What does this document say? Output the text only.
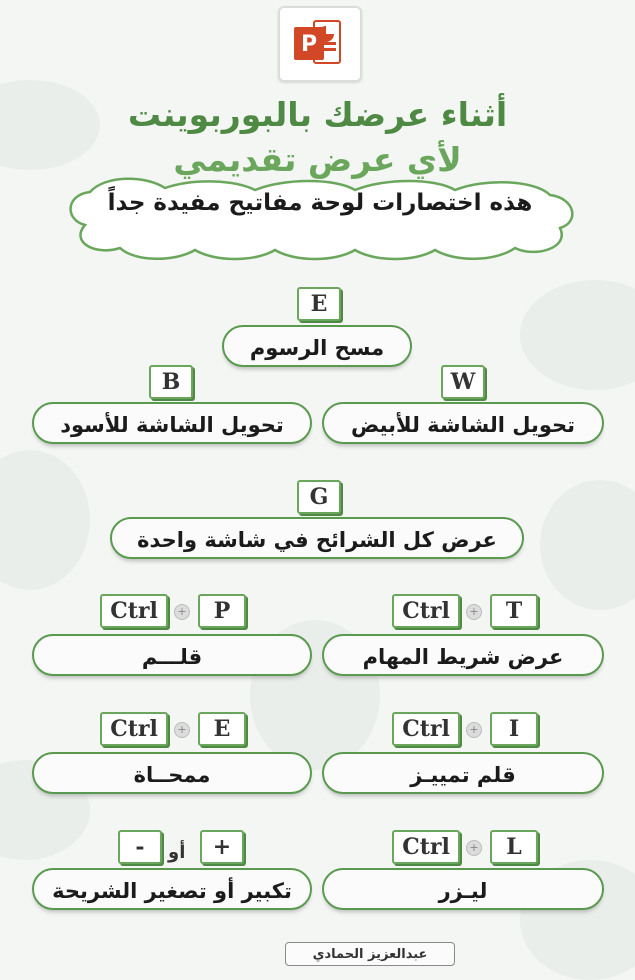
P
أثناء عرضك بالبوربوينت
لأي عرض تقديمي
هذه اختصارات لوحة مفاتيح مفيدة جداً
E
مسح الرسوم
B
تحويل الشاشة للأسود
W
تحويل الشاشة للأبيض
G
عرض كل الشرائح في شاشة واحدة
Ctrl	+	P
قلـــم
Ctrl	+	T
عرض شريط المهام
Ctrl	+	E
ممحــاة
Ctrl	+	I
قلم تمييـز
-	أو	+
تكبير أو تصغير الشريحة
Ctrl	+	L
ليـزر
عبدالعزيز الحمادي
